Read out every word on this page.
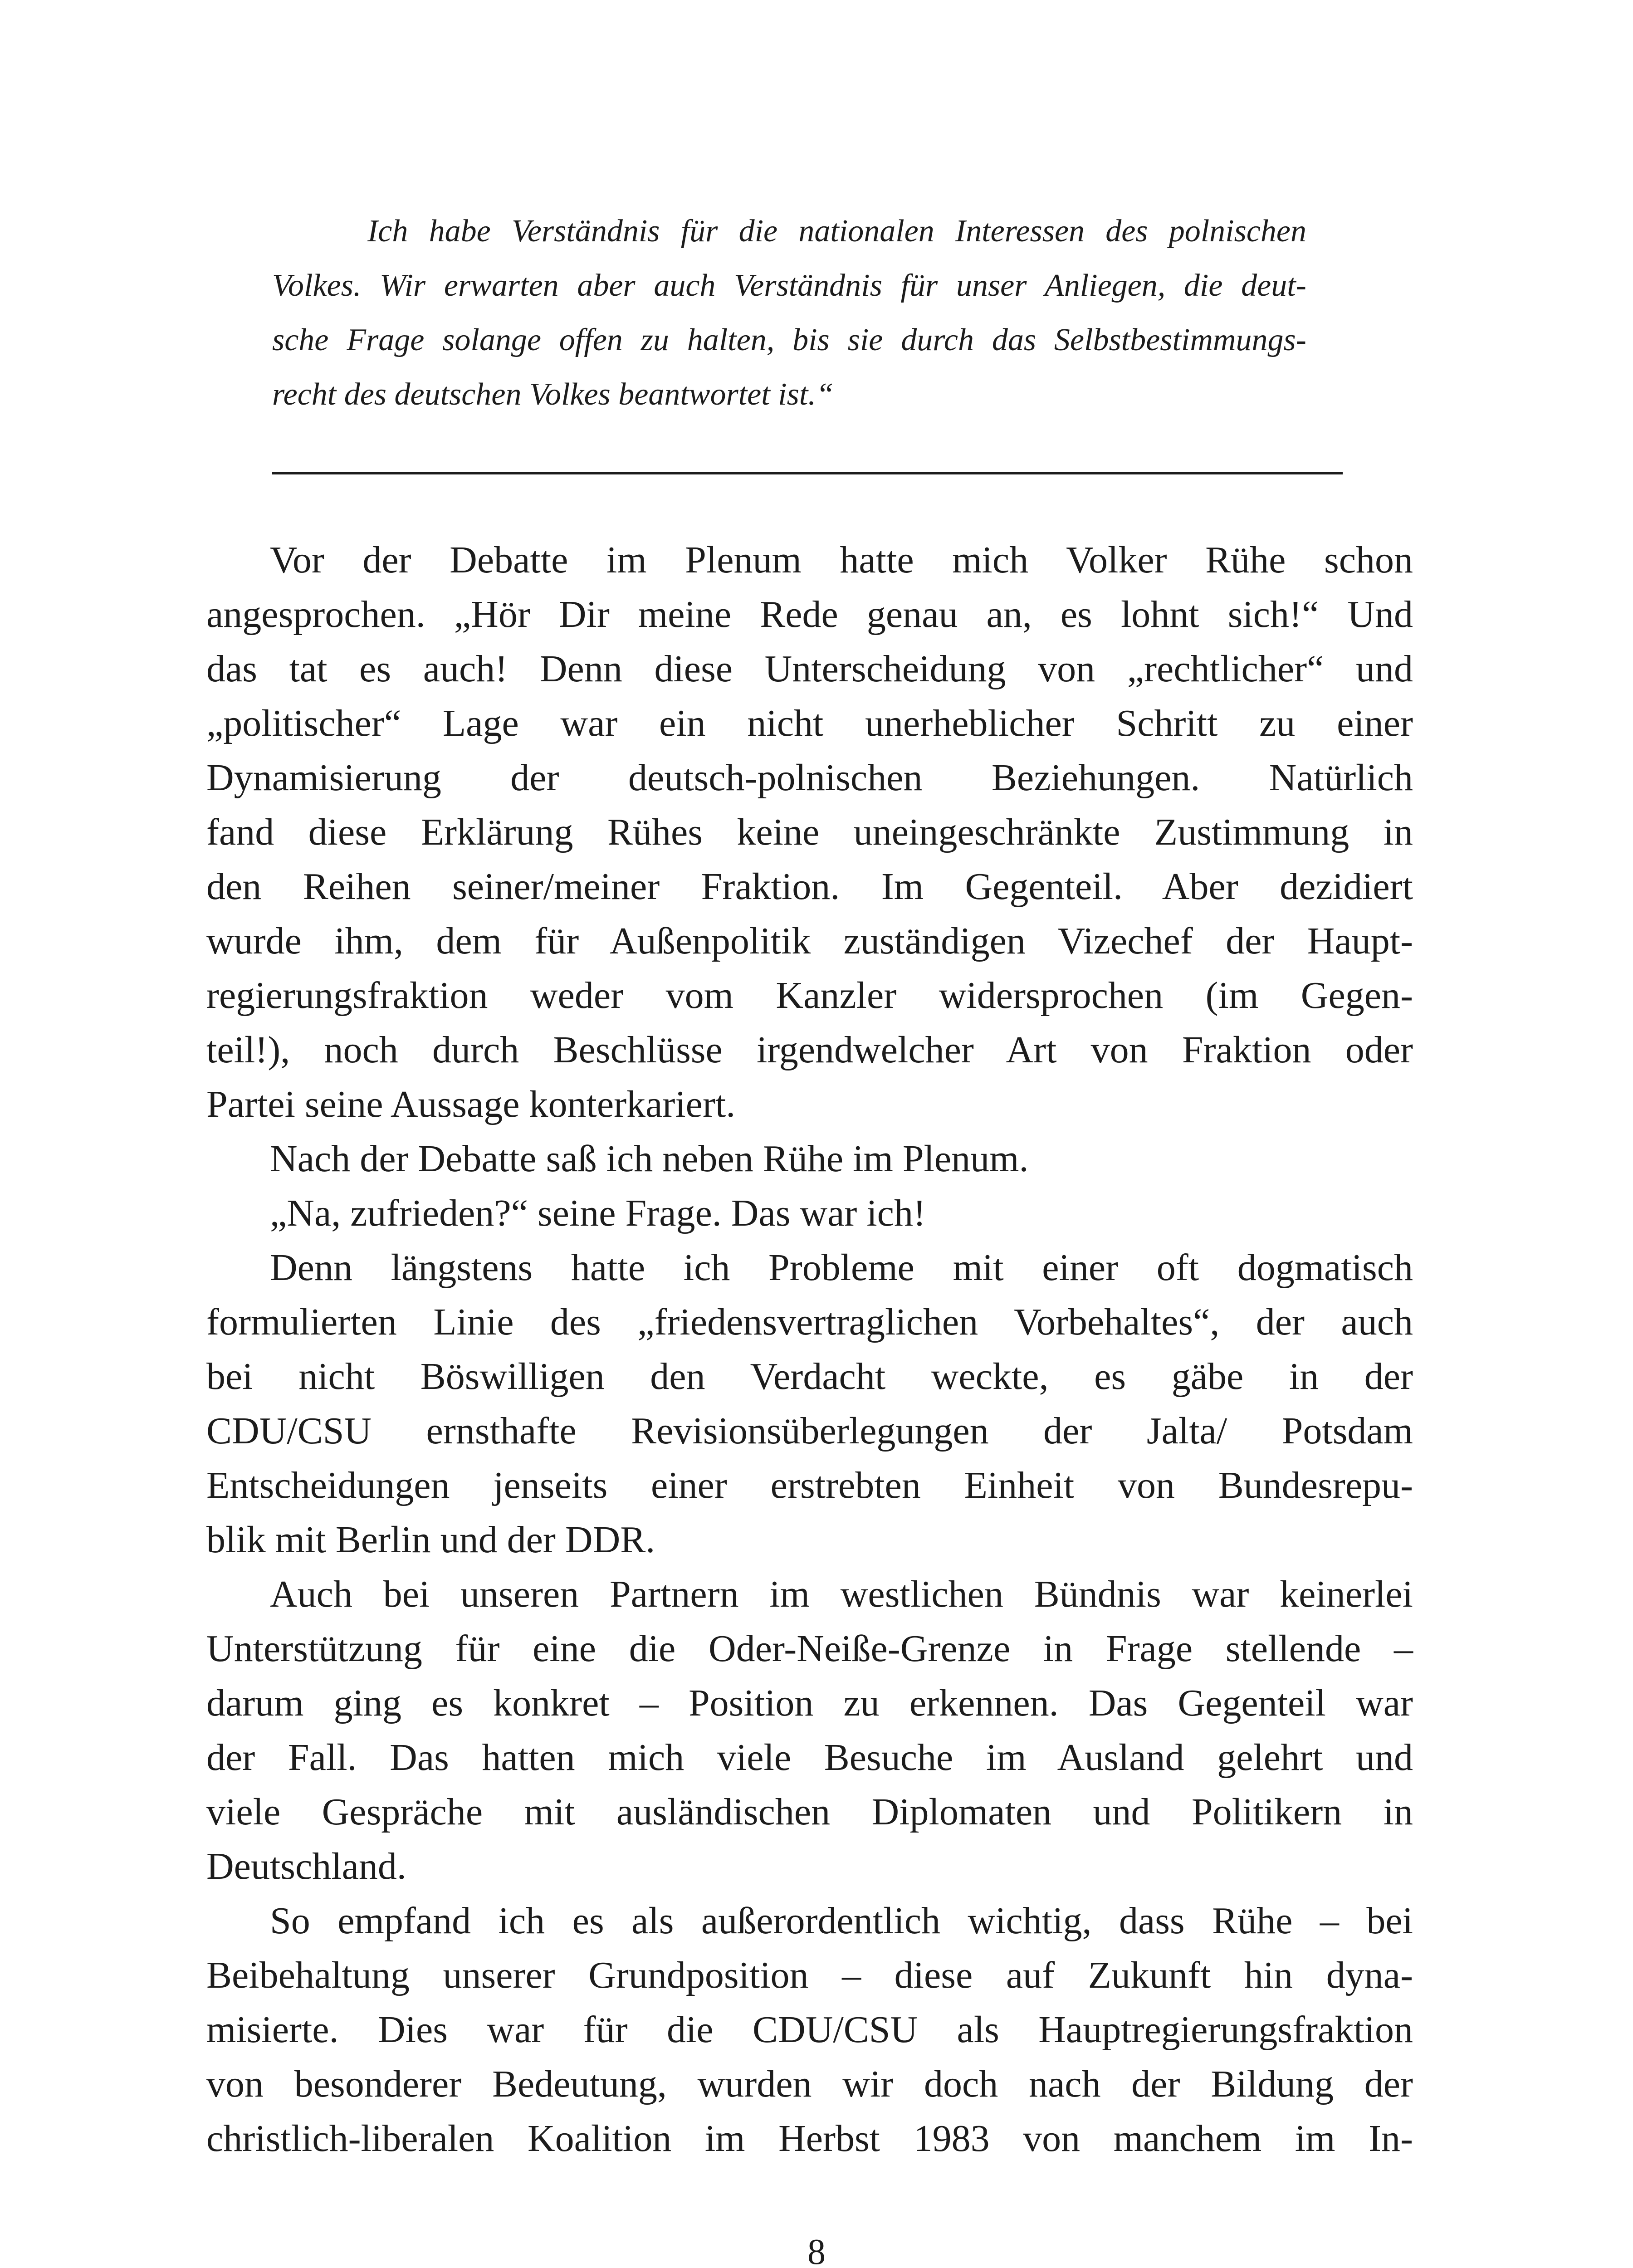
Ich habe Verständnis für die nationalen Interessen des polnischen
Volkes. Wir erwarten aber auch Verständnis für unser Anliegen, die deut-
sche Frage solange offen zu halten, bis sie durch das Selbstbestimmungs-
recht des deutschen Volkes beantwortet ist.“
Vor der Debatte im Plenum hatte mich Volker Rühe schon
angesprochen. „Hör Dir meine Rede genau an, es lohnt sich!“ Und
das tat es auch! Denn diese Unterscheidung von „rechtlicher“ und
„politischer“ Lage war ein nicht unerheblicher Schritt zu einer
Dynamisierung der deutsch-polnischen Beziehungen. Natürlich
fand diese Erklärung Rühes keine uneingeschränkte Zustimmung in
den Reihen seiner/meiner Fraktion. Im Gegenteil. Aber dezidiert
wurde ihm, dem für Außenpolitik zuständigen Vizechef der Haupt-
regierungsfraktion weder vom Kanzler widersprochen (im Gegen-
teil!), noch durch Beschlüsse irgendwelcher Art von Fraktion oder
Partei seine Aussage konterkariert.
Nach der Debatte saß ich neben Rühe im Plenum.
„Na, zufrieden?“ seine Frage. Das war ich!
Denn längstens hatte ich Probleme mit einer oft dogmatisch
formulierten Linie des „friedensvertraglichen Vorbehaltes“, der auch
bei nicht Böswilligen den Verdacht weckte, es gäbe in der
CDU/CSU ernsthafte Revisionsüberlegungen der Jalta/ Potsdam
Entscheidungen jenseits einer erstrebten Einheit von Bundesrepu-
blik mit Berlin und der DDR.
Auch bei unseren Partnern im westlichen Bündnis war keinerlei
Unterstützung für eine die Oder-Neiße-Grenze in Frage stellende –
darum ging es konkret – Position zu erkennen. Das Gegenteil war
der Fall. Das hatten mich viele Besuche im Ausland gelehrt und
viele Gespräche mit ausländischen Diplomaten und Politikern in
Deutschland.
So empfand ich es als außerordentlich wichtig, dass Rühe – bei
Beibehaltung unserer Grundposition – diese auf Zukunft hin dyna-
misierte. Dies war für die CDU/CSU als Hauptregierungsfraktion
von besonderer Bedeutung, wurden wir doch nach der Bildung der
christlich-liberalen Koalition im Herbst 1983 von manchem im In-
8
